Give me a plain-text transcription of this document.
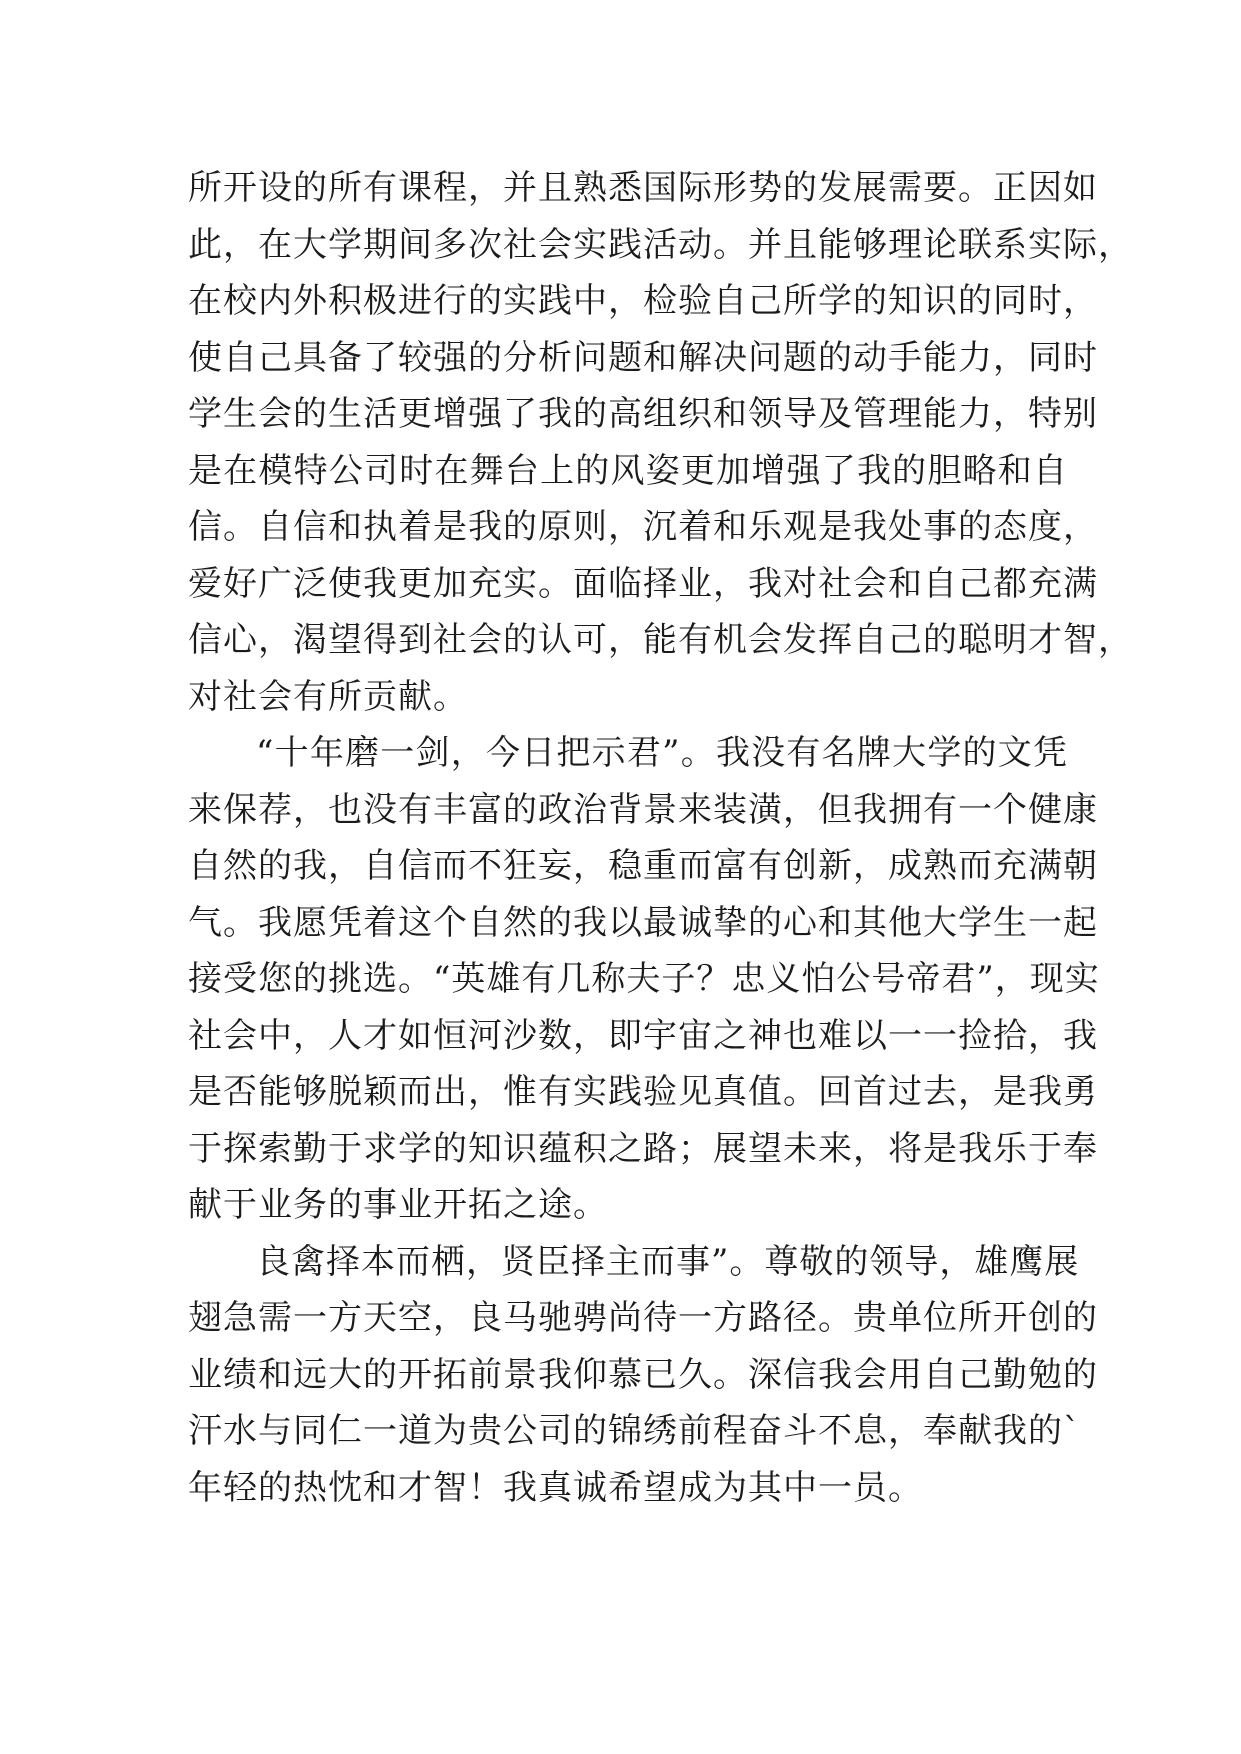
所开设的所有课程，并且熟悉国际形势的发展需要。正因如
此，在大学期间多次社会实践活动。并且能够理论联系实际，
在校内外积极进行的实践中，检验自己所学的知识的同时，
使自己具备了较强的分析问题和解决问题的动手能力，同时
学生会的生活更增强了我的高组织和领导及管理能力，特别
是在模特公司时在舞台上的风姿更加增强了我的胆略和自
信。自信和执着是我的原则，沉着和乐观是我处事的态度，
爱好广泛使我更加充实。面临择业，我对社会和自己都充满
信心，渴望得到社会的认可，能有机会发挥自己的聪明才智，
对社会有所贡献。

“十年磨一剑，今日把示君”。我没有名牌大学的文凭
来保荐，也没有丰富的政治背景来装潢，但我拥有一个健康
自然的我，自信而不狂妄，稳重而富有创新，成熟而充满朝
气。我愿凭着这个自然的我以最诚挚的心和其他大学生一起
接受您的挑选。“英雄有几称夫子？忠义怕公号帝君”，现实
社会中，人才如恒河沙数，即宇宙之神也难以一一捡拾，我
是否能够脱颖而出，惟有实践验见真值。回首过去，是我勇
于探索勤于求学的知识蕴积之路；展望未来，将是我乐于奉
献于业务的事业开拓之途。

良禽择本而栖，贤臣择主而事”。尊敬的领导，雄鹰展
翅急需一方天空，良马驰骋尚待一方路径。贵单位所开创的
业绩和远大的开拓前景我仰慕已久。深信我会用自己勤勉的
汗水与同仁一道为贵公司的锦绣前程奋斗不息，奉献我的`
年轻的热忱和才智！我真诚希望成为其中一员。
